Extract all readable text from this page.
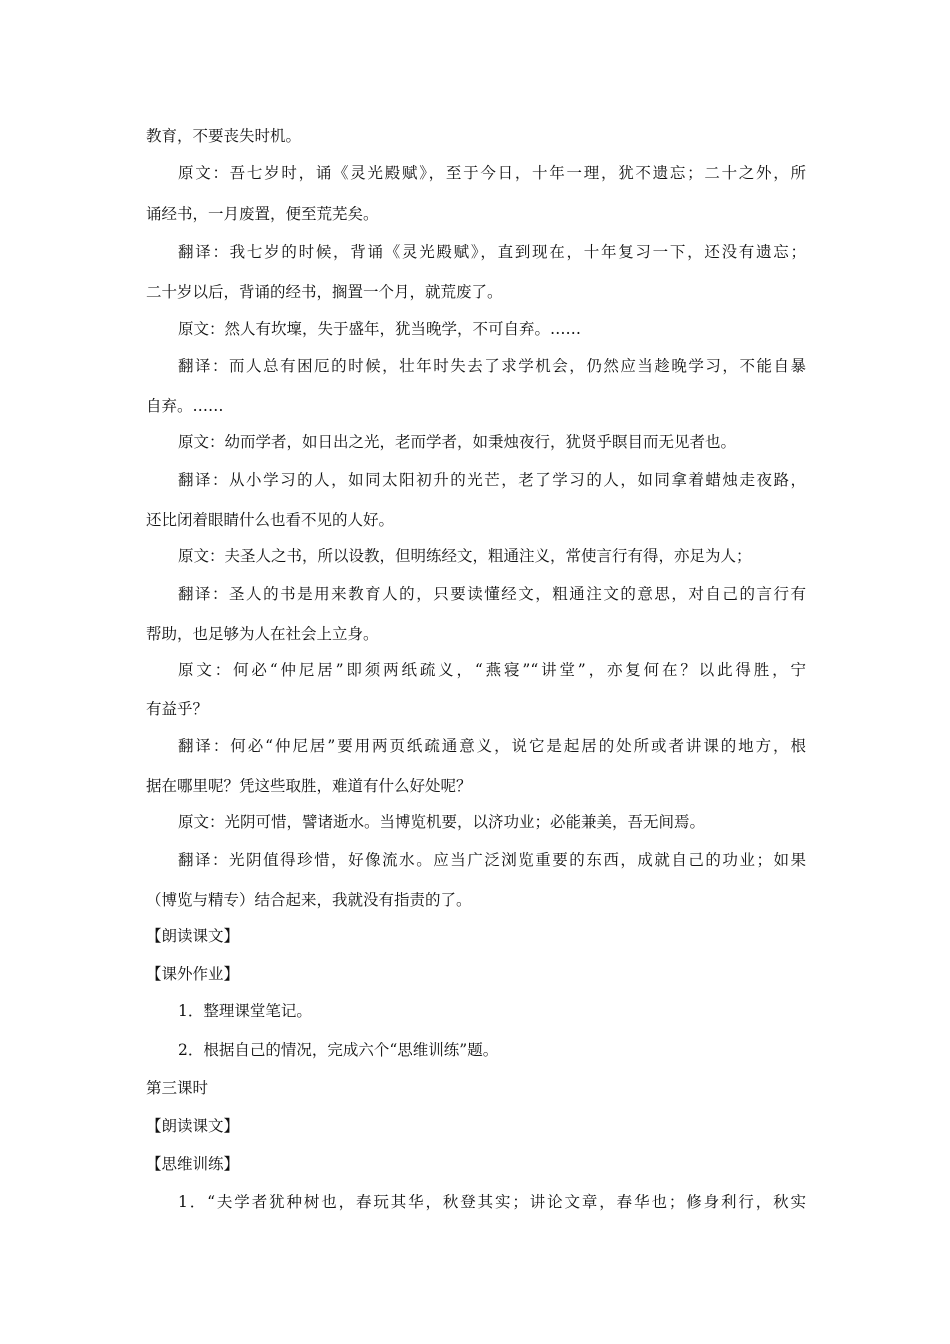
教育，不要丧失时机。
原文：吾七岁时，诵《灵光殿赋》，至于今日，十年一理，犹不遗忘；二十之外，所
诵经书，一月废置，便至荒芜矣。
翻译：我七岁的时候，背诵《灵光殿赋》，直到现在，十年复习一下，还没有遗忘；
二十岁以后，背诵的经书，搁置一个月，就荒废了。
原文：然人有坎壈，失于盛年，犹当晚学，不可自弃。……
翻译：而人总有困厄的时候，壮年时失去了求学机会，仍然应当趁晚学习，不能自暴
自弃。……
原文：幼而学者，如日出之光，老而学者，如秉烛夜行，犹贤乎瞑目而无见者也。
翻译：从小学习的人，如同太阳初升的光芒，老了学习的人，如同拿着蜡烛走夜路，
还比闭着眼睛什么也看不见的人好。
原文：夫圣人之书，所以设教，但明练经文，粗通注义，常使言行有得，亦足为人；
翻译：圣人的书是用来教育人的，只要读懂经文，粗通注文的意思，对自己的言行有
帮助，也足够为人在社会上立身。
原文：何必“仲尼居”即须两纸疏义，“燕寝”“讲堂”，亦复何在？以此得胜，宁
有益乎？
翻译：何必“仲尼居”要用两页纸疏通意义，说它是起居的处所或者讲课的地方，根
据在哪里呢？凭这些取胜，难道有什么好处呢？
原文：光阴可惜，譬诸逝水。当博览机要，以济功业；必能兼美，吾无间焉。
翻译：光阴值得珍惜，好像流水。应当广泛浏览重要的东西，成就自己的功业；如果
（博览与精专）结合起来，我就没有指责的了。
【朗读课文】
【课外作业】
1．整理课堂笔记。
2．根据自己的情况，完成六个“思维训练”题。
第三课时
【朗读课文】
【思维训练】
1．“夫学者犹种树也，春玩其华，秋登其实；讲论文章，春华也；修身利行，秋实
